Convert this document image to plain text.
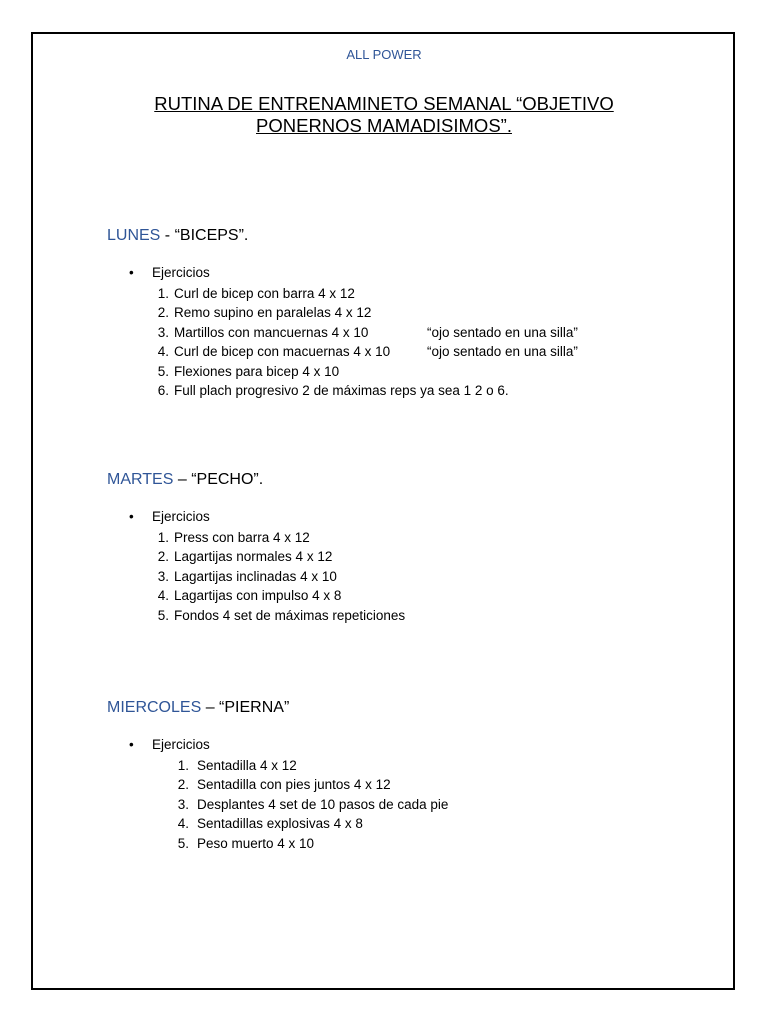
ALL POWER
RUTINA DE ENTRENAMINETO SEMANAL “OBJETIVO
PONERNOS MAMADISIMOS”.
LUNES - “BICEPS”.
• Ejercicios
1. Curl de bicep con barra 4 x 12
2. Remo supino en paralelas 4 x 12
3. Martillos con mancuernas 4 x 10	“ojo sentado en una silla”
4. Curl de bicep con macuernas 4 x 10	“ojo sentado en una silla”
5. Flexiones para bicep 4 x 10
6. Full plach progresivo 2 de máximas reps ya sea 1 2 o 6.
MARTES – “PECHO”.
• Ejercicios
1. Press con barra 4 x 12
2. Lagartijas normales 4 x 12
3. Lagartijas inclinadas 4 x 10
4. Lagartijas con impulso 4 x 8
5. Fondos 4 set de máximas repeticiones
MIERCOLES – “PIERNA”
• Ejercicios
1. Sentadilla 4 x 12
2. Sentadilla con pies juntos 4 x 12
3. Desplantes 4 set de 10 pasos de cada pie
4. Sentadillas explosivas 4 x 8
5. Peso muerto 4 x 10
